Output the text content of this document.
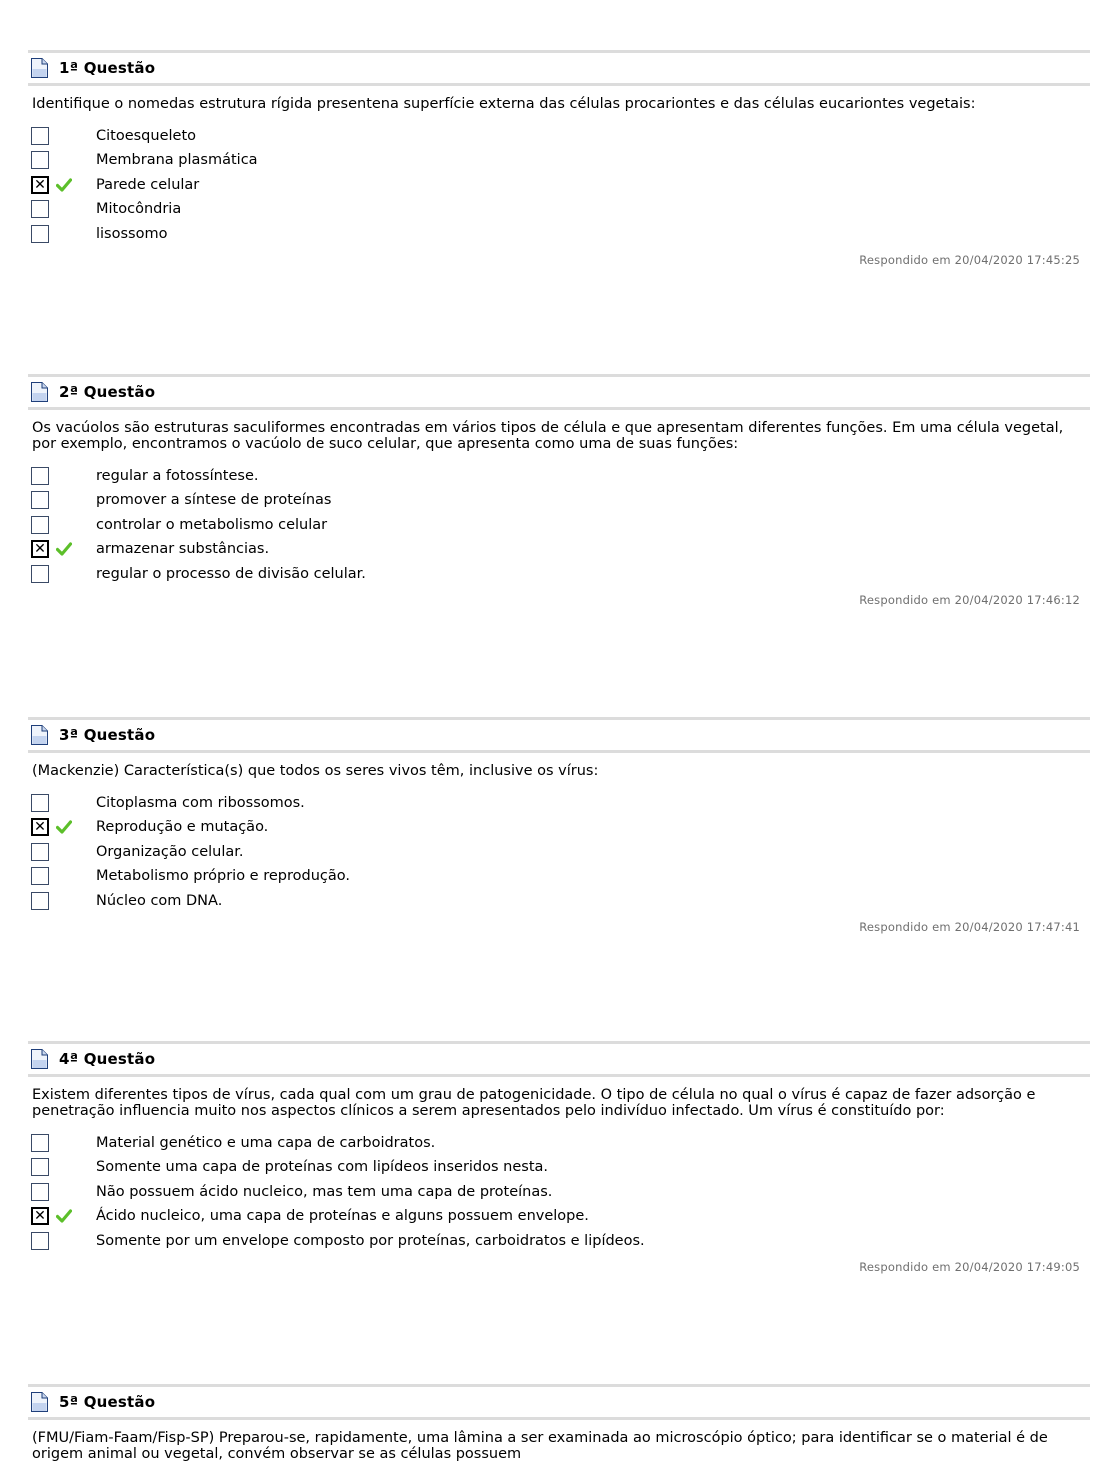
1ª Questão
Identifique o nomedas estrutura rígida presentena superfície externa das células procariontes e das células eucariontes vegetais:
Citoesqueleto
Membrana plasmática
✕	Parede celular
Mitocôndria
lisossomo
Respondido em 20/04/2020 17:45:25
2ª Questão
Os vacúolos são estruturas saculiformes encontradas em vários tipos de célula e que apresentam diferentes funções. Em uma célula vegetal, por exemplo, encontramos o vacúolo de suco celular, que apresenta como uma de suas funções:
regular a fotossíntese.
promover a síntese de proteínas
controlar o metabolismo celular
✕	armazenar substâncias.
regular o processo de divisão celular.
Respondido em 20/04/2020 17:46:12
3ª Questão
(Mackenzie) Característica(s) que todos os seres vivos têm, inclusive os vírus:
Citoplasma com ribossomos.
✕	Reprodução e mutação.
Organização celular.
Metabolismo próprio e reprodução.
Núcleo com DNA.
Respondido em 20/04/2020 17:47:41
4ª Questão
Existem diferentes tipos de vírus, cada qual com um grau de patogenicidade. O tipo de célula no qual o vírus é capaz de fazer adsorção e penetração influencia muito nos aspectos clínicos a serem apresentados pelo indivíduo infectado. Um vírus é constituído por:
Material genético e uma capa de carboidratos.
Somente uma capa de proteínas com lipídeos inseridos nesta.
Não possuem ácido nucleico, mas tem uma capa de proteínas.
✕	Ácido nucleico, uma capa de proteínas e alguns possuem envelope.
Somente por um envelope composto por proteínas, carboidratos e lipídeos.
Respondido em 20/04/2020 17:49:05
5ª Questão
(FMU/Fiam-Faam/Fisp-SP) Preparou-se, rapidamente, uma lâmina a ser examinada ao microscópio óptico; para identificar se o material é de origem animal ou vegetal, convém observar se as células possuem
